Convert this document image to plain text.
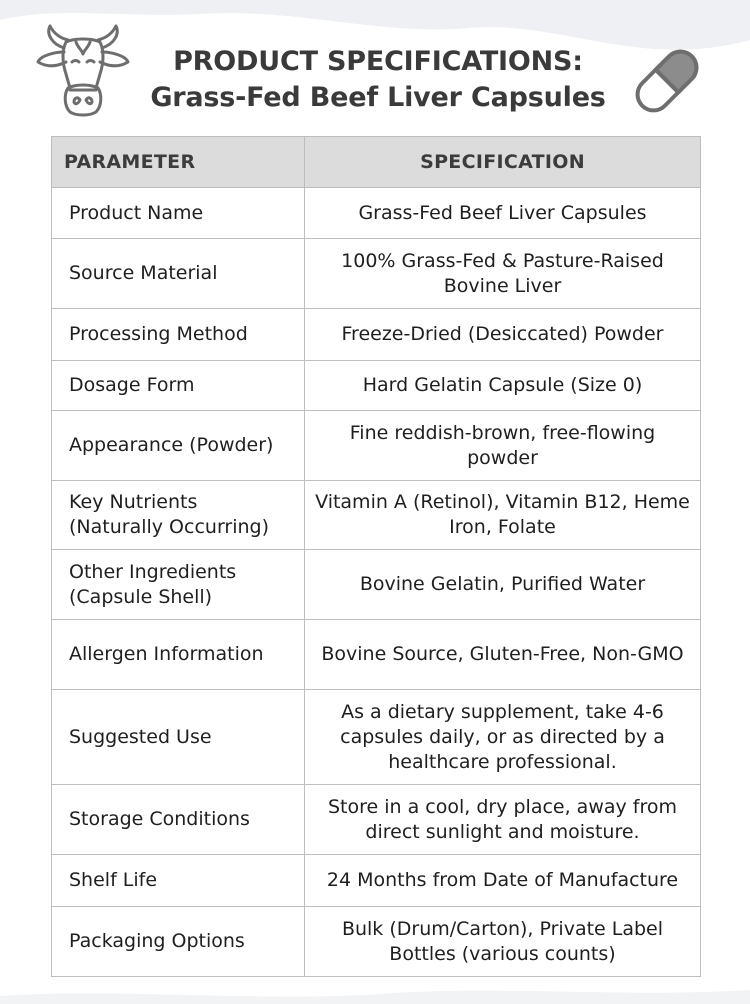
PRODUCT SPECIFICATIONS:
Grass-Fed Beef Liver Capsules
PARAMETER	SPECIFICATION
Product Name	Grass-Fed Beef Liver Capsules
Source Material	100% Grass-Fed & Pasture-Raised Bovine Liver
Processing Method	Freeze-Dried (Desiccated) Powder
Dosage Form	Hard Gelatin Capsule (Size 0)
Appearance (Powder)	Fine reddish-brown, free-flowing powder
Key Nutrients (Naturally Occurring)	Vitamin A (Retinol), Vitamin B12, Heme Iron, Folate
Other Ingredients (Capsule Shell)	Bovine Gelatin, Purified Water
Allergen Information	Bovine Source, Gluten-Free, Non-GMO
Suggested Use	As a dietary supplement, take 4-6 capsules daily, or as directed by a healthcare professional.
Storage Conditions	Store in a cool, dry place, away from direct sunlight and moisture.
Shelf Life	24 Months from Date of Manufacture
Packaging Options	Bulk (Drum/Carton), Private Label Bottles (various counts)
